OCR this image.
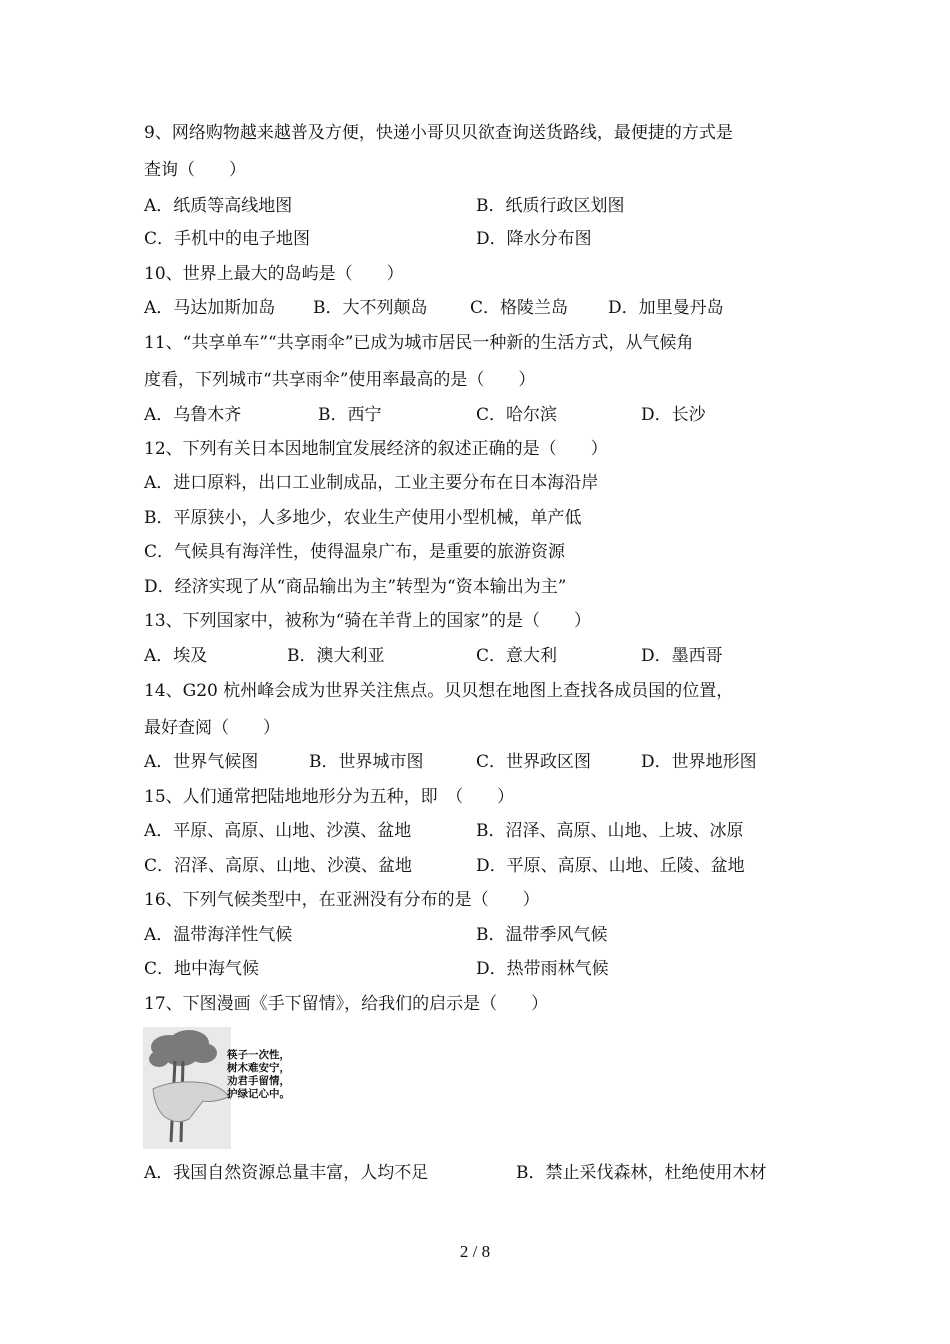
9、网络购物越来越普及方便，快递小哥贝贝欲查询送货路线，最便捷的方式是
查询（　　）
A．纸质等高线地图	B．纸质行政区划图
C．手机中的电子地图	D．降水分布图
10、世界上最大的岛屿是（　　）
A．马达加斯加岛 B．大不列颠岛	C．格陵兰岛 D．加里曼丹岛
11、“共享单车”“共享雨伞”已成为城市居民一种新的生活方式，从气候角
度看，下列城市“共享雨伞”使用率最高的是（　　）
A．乌鲁木齐	B．西宁	C．哈尔滨	D．长沙
12、下列有关日本因地制宜发展经济的叙述正确的是（　　）
A．进口原料，出口工业制成品，工业主要分布在日本海沿岸
B．平原狭小，人多地少，农业生产使用小型机械，单产低
C．气候具有海洋性，使得温泉广布，是重要的旅游资源
D．经济实现了从“商品输出为主”转型为“资本输出为主”
13、下列国家中，被称为“骑在羊背上的国家”的是（　　）
A．埃及	B．澳大利亚	C．意大利	D．墨西哥
14、G20 杭州峰会成为世界关注焦点。贝贝想在地图上查找各成员国的位置，
最好查阅（　　）
A．世界气候图	B．世界城市图	C．世界政区图	D．世界地形图
15、人们通常把陆地地形分为五种，即　（　　）
A．平原、高原、山地、沙漠、盆地	B．沼泽、高原、山地、上坡、冰原
C．沼泽、高原、山地、沙漠、盆地	D．平原、高原、山地、丘陵、盆地
16、下列气候类型中，在亚洲没有分布的是（　　）
A．温带海洋性气候	B．温带季风气候
C．地中海气候	D．热带雨林气候
17、下图漫画《手下留情》，给我们的启示是（　　）
筷子一次性，
树木难安宁，
劝君手留情，
护绿记心中。
A．我国自然资源总量丰富，人均不足	B．禁止采伐森林，杜绝使用木材
2 / 8
